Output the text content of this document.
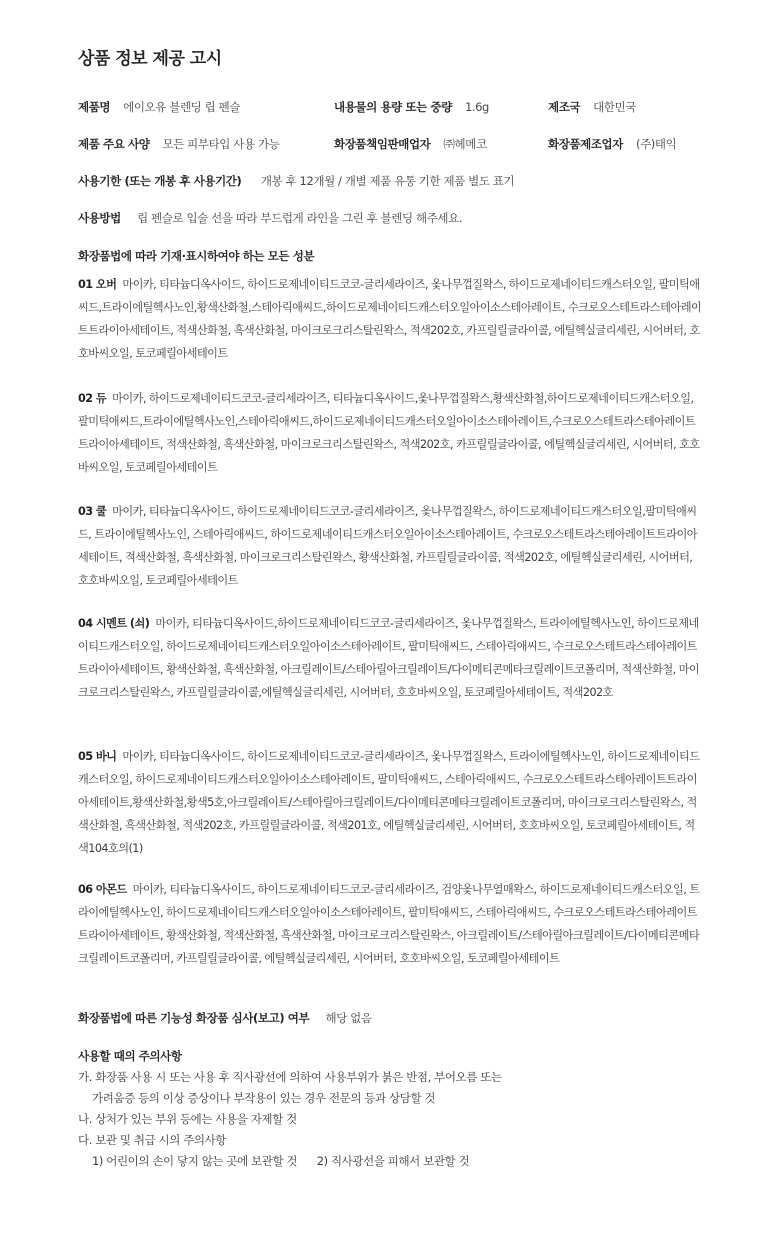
상품 정보 제공 고시
제품명 에이오유 블렌딩 립 펜슬	내용물의 용량 또는 중량 1.6g	제조국 대한민국
제품 주요 사양 모든 피부타입 사용 가능	화장품책임판매업자 ㈜헤메코	화장품제조업자 (주)태익
사용기한 (또는 개봉 후 사용기간) 개봉 후 12개월 / 개별 제품 유통 기한 제품 별도 표기
사용방법 립 펜슬로 입술 선을 따라 부드럽게 라인을 그린 후 블렌딩 해주세요.
화장품법에 따라 기재·표시하여야 하는 모든 성분
01 오버 마이카, 티타늄디옥사이드, 하이드로제네이티드코코-글리세라이즈, 옻나무껍질왁스, 하이드로제네이티드캐스터오일, 팔미틱애씨드,트라이에틸헥사노인,황색산화철,스테아릭애씨드,하이드로제네이티드캐스터오일아이소스테아레이트, 수크로오스테트라스테아레이트트라이아세테이트, 적색산화철, 흑색산화철, 마이크로크리스탈린왁스, 적색202호, 카프릴릴글라이콜, 에틸헥실글리세린, 시어버터, 호호바씨오일, 토코페릴아세테이트
02 듀 마이카, 하이드로제네이티드코코-글리세라이즈, 티타늄디옥사이드,옻나무껍질왁스,황색산화철,하이드로제네이티드캐스터오일, 팔미틱애씨드,트라이에틸헥사노인,스테아릭애씨드,하이드로제네이티드캐스터오일아이소스테아레이트,수크로오스테트라스테아레이트트라이아세테이트, 적색산화철, 흑색산화철, 마이크로크리스탈린왁스, 적색202호, 카프릴릴글라이콜, 에틸헥실글리세린, 시어버터, 호호바씨오일, 토코페릴아세테이트
03 쿨 마이카, 티타늄디옥사이드, 하이드로제네이티드코코-글리세라이즈, 옻나무껍질왁스, 하이드로제네이티드캐스터오일,팔미틱애씨드, 트라이에틸헥사노인, 스테아릭애씨드, 하이드로제네이티드캐스터오일아이소스테아레이트, 수크로오스테트라스테아레이트트라이아세테이트, 적색산화철, 흑색산화철, 마이크로크리스탈린왁스, 황색산화철, 카프릴릴글라이콜, 적색202호, 에틸헥실글리세린, 시어버터, 호호바씨오일, 토코페릴아세테이트
04 시멘트 (쇠) 마이카, 티타늄디옥사이드,하이드로제네이티드코코-글리세라이즈, 옻나무껍질왁스, 트라이에틸헥사노인, 하이드로제네이티드캐스터오일, 하이드로제네이티드캐스터오일아이소스테아레이트, 팔미틱애씨드, 스테아릭애씨드, 수크로오스테트라스테아레이트트라이아세테이트, 황색산화철, 흑색산화철, 아크릴레이트/스테아릴아크릴레이트/다이메티콘메타크릴레이트코폴리머, 적색산화철, 마이크로크리스탈린왁스, 카프릴릴글라이콜,에틸헥실글리세린, 시어버터, 호호바씨오일, 토코페릴아세테이트, 적색202호
05 바니 마이카, 티타늄디옥사이드, 하이드로제네이티드코코-글리세라이즈, 옻나무껍질왁스, 트라이에틸헥사노인, 하이드로제네이티드캐스터오일, 하이드로제네이티드캐스터오일아이소스테아레이트, 팔미틱애씨드, 스테아릭애씨드, 수크로오스테트라스테아레이트트라이아세테이트,황색산화철,황색5호,아크릴레이트/스테아릴아크릴레이트/다이메티콘메타크릴레이트코폴리머, 마이크로크리스탈린왁스, 적색산화철, 흑색산화철, 적색202호, 카프릴릴글라이콜, 적색201호, 에틸헥실글리세린, 시어버터, 호호바씨오일, 토코페릴아세테이트, 적색104호의(1)
06 아몬드 마이카, 티타늄디옥사이드, 하이드로제네이티드코코-글리세라이즈, 검양옻나무열매왁스, 하이드로제네이티드캐스터오일, 트라이에틸헥사노인, 하이드로제네이티드캐스터오일아이소스테아레이트, 팔미틱애씨드, 스테아릭애씨드, 수크로오스테트라스테아레이트트라이아세테이트, 황색산화철, 적색산화철, 흑색산화철, 마이크로크리스탈린왁스, 아크릴레이트/스테아릴아크릴레이트/다이메티콘메타크릴레이트코폴리머, 카프릴릴글라이콜, 에틸헥실글리세린, 시어버터, 호호바씨오일, 토코페릴아세테이트
화장품법에 따른 기능성 화장품 심사(보고) 여부 해당 없음
사용할 때의 주의사항
가. 화장품 사용 시 또는 사용 후 직사광선에 의하여 사용부위가 붉은 반점, 부어오름 또는
가려움증 등의 이상 증상이나 부작용이 있는 경우 전문의 등과 상담할 것
나. 상처가 있는 부위 등에는 사용을 자제할 것
다. 보관 및 취급 시의 주의사항
1) 어린이의 손이 닿지 않는 곳에 보관할 것 2) 직사광선을 피해서 보관할 것
